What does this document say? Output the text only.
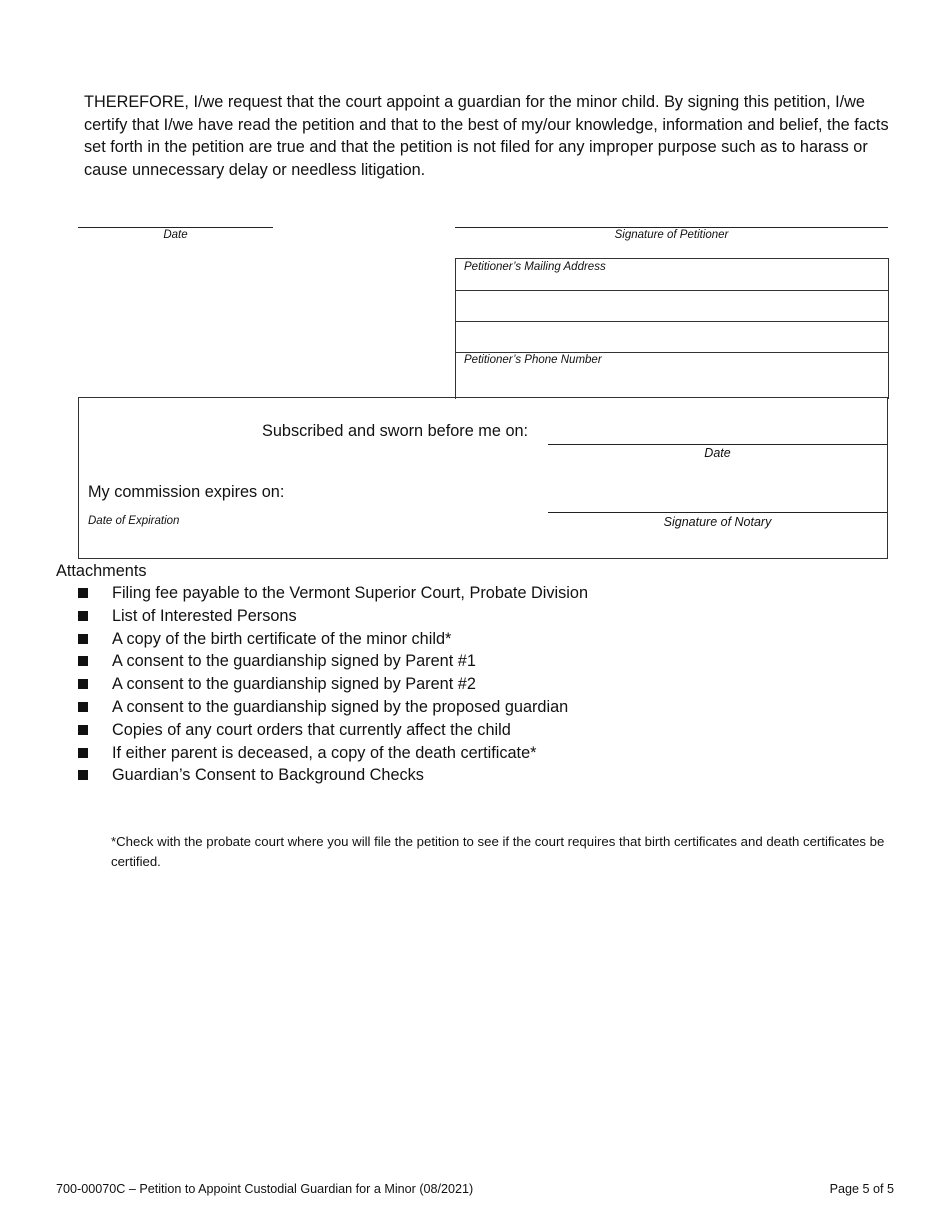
THEREFORE, I/we request that the court appoint a guardian for the minor child. By signing this petition, I/we certify that I/we have read the petition and that to the best of my/our knowledge, information and belief, the facts set forth in the petition are true and that the petition is not filed for any improper purpose such as to harass or cause unnecessary delay or needless litigation.
Date	Signature of Petitioner
Petitioner’s Mailing Address
Petitioner’s Phone Number
Subscribed and sworn before me on:
Date
My commission expires on:
Date of Expiration	Signature of Notary
Attachments
Filing fee payable to the Vermont Superior Court, Probate Division
List of Interested Persons
A copy of the birth certificate of the minor child*
A consent to the guardianship signed by Parent #1
A consent to the guardianship signed by Parent #2
A consent to the guardianship signed by the proposed guardian
Copies of any court orders that currently affect the child
If either parent is deceased, a copy of the death certificate*
Guardian’s Consent to Background Checks
*Check with the probate court where you will file the petition to see if the court requires that birth certificates and death certificates be certified.
700-00070C – Petition to Appoint Custodial Guardian for a Minor (08/2021)	Page 5 of 5
